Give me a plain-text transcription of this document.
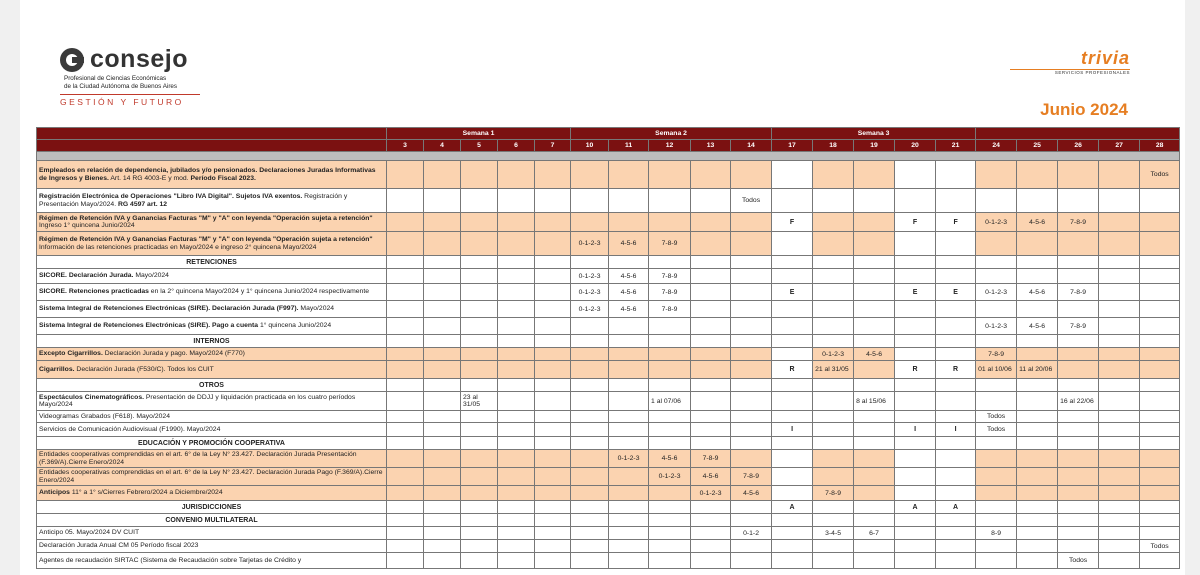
consejo
Profesional de Ciencias Económicas
de la Ciudad Autónoma de Buenos Aires
GESTIÓN Y FUTURO
trivia
SERVICIOS PROFESIONALES
Junio 2024
	Semana 1					Semana 2					Semana 3									
	3	4	5	6	7	10	11	12	13	14	17	18	19	20	21	24	25	26	27	28

Empleados en relación de dependencia, jubilados y/o pensionados. Declaraciones Juradas Informativas de Ingresos y Bienes. Art. 14 RG 4003-E y mod. Período Fiscal 2023.																				Todos
Registración Electrónica de Operaciones "Libro IVA Digital". Sujetos IVA exentos. Registración y Presentación Mayo/2024. RG 4597 art. 12										Todos										
Régimen de Retención IVA y Ganancias Facturas "M" y "A" con leyenda "Operación sujeta a retención" Ingreso 1° quincena Junio/2024											F			F	F	0-1-2-3	4-5-6	7-8-9		
Régimen de Retención IVA y Ganancias Facturas "M" y "A" con leyenda "Operación sujeta a retención" Información de las retenciones practicadas en Mayo/2024 e ingreso 2° quincena Mayo/2024						0-1-2-3	4-5-6	7-8-9												
RETENCIONES																				
SICORE. Declaración Jurada. Mayo/2024						0-1-2-3	4-5-6	7-8-9												
SICORE. Retenciones practicadas en la 2° quincena Mayo/2024 y 1° quincena Junio/2024 respectivamente						0-1-2-3	4-5-6	7-8-9			E			E	E	0-1-2-3	4-5-6	7-8-9		
Sistema Integral de Retenciones Electrónicas (SIRE). Declaración Jurada (F997). Mayo/2024						0-1-2-3	4-5-6	7-8-9												
Sistema Integral de Retenciones Electrónicas (SIRE). Pago a cuenta 1° quincena Junio/2024																0-1-2-3	4-5-6	7-8-9		
INTERNOS																				
Excepto Cigarrillos. Declaración Jurada y pago. Mayo/2024 (F770)												0-1-2-3	4-5-6			7-8-9				
Cigarrillos. Declaración Jurada (F530/C). Todos los CUIT											R	21 al 31/05		R	R	01 al 10/06	11 al 20/06			
OTROS																				
Espectáculos Cinematográficos. Presentación de DDJJ y liquidación practicada en los cuatro períodos Mayo/2024			23 al 31/05					1 al 07/06					8 al 15/06					16 al 22/06		
Videogramas Grabados (F618). Mayo/2024																Todos				
Servicios de Comunicación Audiovisual (F1990). Mayo/2024											I			I	I	Todos				
EDUCACIÓN Y PROMOCIÓN COOPERATIVA																				
Entidades cooperativas comprendidas en el art. 6° de la Ley N° 23.427. Declaración Jurada Presentación (F.369/A).Cierre Enero/2024							0-1-2-3	4-5-6	7-8-9											
Entidades cooperativas comprendidas en el art. 6° de la Ley N° 23.427. Declaración Jurada Pago (F.369/A).Cierre Enero/2024								0-1-2-3	4-5-6	7-8-9										
Anticipos 11° a 1° s/Cierres Febrero/2024 a Diciembre/2024									0-1-2-3	4-5-6		7-8-9								
JURISDICCIONES											A			A	A					
CONVENIO MULTILATERAL																				
Anticipo 05. Mayo/2024 DV CUIT										0-1-2		3-4-5	6-7			8-9				
Declaración Jurada Anual CM 05 Período fiscal 2023																				Todos
Agentes de recaudación SIRTAC (Sistema de Recaudación sobre Tarjetas de Crédito y																		Todos		
